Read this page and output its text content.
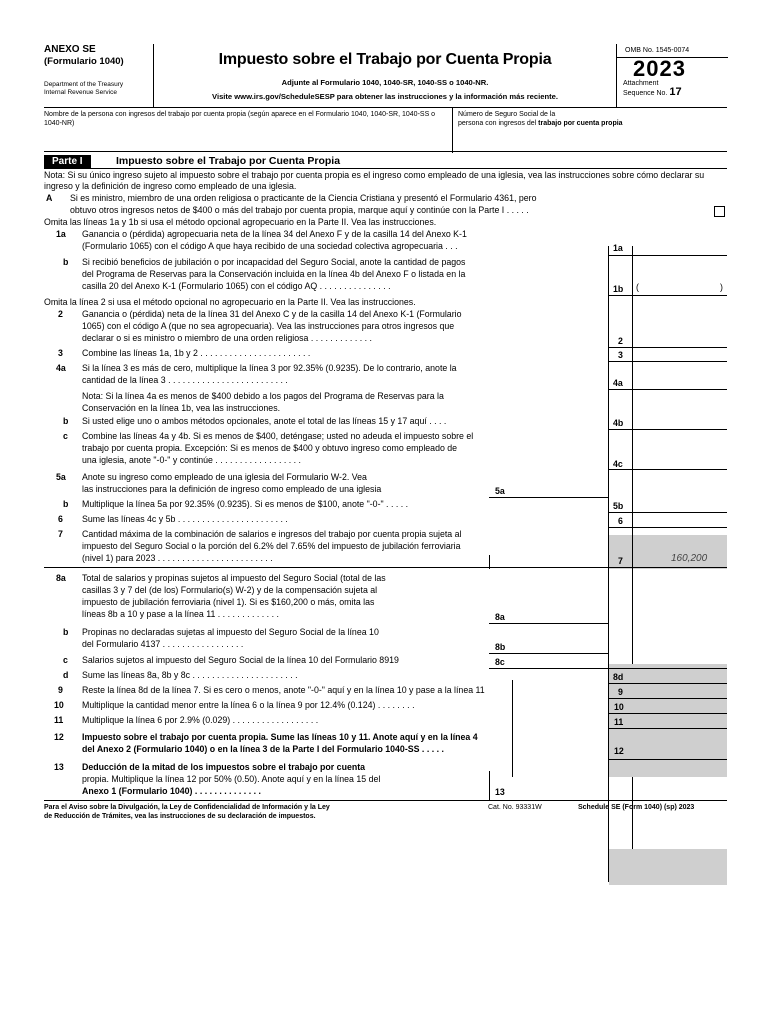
ANEXO SE
(Formulario 1040)
Department of the Treasury
Internal Revenue Service
Impuesto sobre el Trabajo por Cuenta Propia
Adjunte al Formulario 1040, 1040-SR, 1040-SS o 1040-NR.
Visite www.irs.gov/ScheduleSESP para obtener las instrucciones y la información más reciente.
OMB No. 1545-0074
2023
Attachment
Sequence No. 17
Nombre de la persona con ingresos del trabajo por cuenta propia (según aparece en el Formulario 1040, 1040-SR, 1040-SS o 1040-NR)
Número de Seguro Social de la
persona con ingresos del trabajo por cuenta propia
Parte I	Impuesto sobre el Trabajo por Cuenta Propia
Nota: Si su único ingreso sujeto al impuesto sobre el trabajo por cuenta propia es el ingreso como empleado de una iglesia, vea las instrucciones sobre cómo declarar su ingreso y la definición de ingreso como empleado de una iglesia.
A Si es ministro, miembro de una orden religiosa o practicante de la Ciencia Cristiana y presentó el Formulario 4361, pero
obtuvo otros ingresos netos de $400 o más del trabajo por cuenta propia, marque aquí y continúe con la Parte I . . . . .
Omita las líneas 1a y 1b si usa el método opcional agropecuario en la Parte II. Vea las instrucciones.
1a Ganancia o (pérdida) agropecuaria neta de la línea 34 del Anexo F y de la casilla 14 del Anexo K-1
(Formulario 1065) con el código A que haya recibido de una sociedad colectiva agropecuaria . . .	1a
b Si recibió beneficios de jubilación o por incapacidad del Seguro Social, anote la cantidad de pagos
del Programa de Reservas para la Conservación incluida en la línea 4b del Anexo F o listada en la
casilla 20 del Anexo K-1 (Formulario 1065) con el código AQ . . . . . . . . . . . . . . .	1b (	)
Omita la línea 2 si usa el método opcional no agropecuario en la Parte II. Vea las instrucciones.
2 Ganancia o (pérdida) neta de la línea 31 del Anexo C y de la casilla 14 del Anexo K-1 (Formulario
1065) con el código A (que no sea agropecuaria). Vea las instrucciones para otros ingresos que
declarar o si es ministro o miembro de una orden religiosa . . . . . . . . . . . . .	2
3 Combine las líneas 1a, 1b y 2 . . . . . . . . . . . . . . . . . . . . . . .	3
4a Si la línea 3 es más de cero, multiplique la línea 3 por 92.35% (0.9235). De lo contrario, anote la
cantidad de la línea 3 . . . . . . . . . . . . . . . . . . . . . . . . .	4a
Nota: Si la línea 4a es menos de $400 debido a los pagos del Programa de Reservas para la
Conservación en la línea 1b, vea las instrucciones.
b Si usted elige uno o ambos métodos opcionales, anote el total de las líneas 15 y 17 aquí . . . .	4b
c Combine las líneas 4a y 4b. Si es menos de $400, deténgase; usted no adeuda el impuesto sobre el
trabajo por cuenta propia. Excepción: Si es menos de $400 y obtuvo ingreso como empleado de
una iglesia, anote "-0-" y continúe . . . . . . . . . . . . . . . . . .	4c
5a Anote su ingreso como empleado de una iglesia del Formulario W-2. Vea
las instrucciones para la definición de ingreso como empleado de una iglesia	5a
b Multiplique la línea 5a por 92.35% (0.9235). Si es menos de $100, anote "-0-" . . . . .	5b
6 Sume las líneas 4c y 5b . . . . . . . . . . . . . . . . . . . . . . .	6
7 Cantidad máxima de la combinación de salarios e ingresos del trabajo por cuenta propia sujeta al
impuesto del Seguro Social o la porción del 6.2% del 7.65% del impuesto de jubilación ferroviaria
(nivel 1) para 2023 . . . . . . . . . . . . . . . . . . . . . . . .	7	160,200
8a Total de salarios y propinas sujetos al impuesto del Seguro Social (total de las
casillas 3 y 7 del (de los) Formulario(s) W-2) y de la compensación sujeta al
impuesto de jubilación ferroviaria (nivel 1). Si es $160,200 o más, omita las
líneas 8b a 10 y pase a la línea 11 . . . . . . . . . . . . .	8a
b Propinas no declaradas sujetas al impuesto del Seguro Social de la línea 10
del Formulario 4137 . . . . . . . . . . . . . . . . .	8b
c Salarios sujetos al impuesto del Seguro Social de la línea 10 del Formulario 8919	8c
d Sume las líneas 8a, 8b y 8c . . . . . . . . . . . . . . . . . . . . . .	8d
9 Reste la línea 8d de la línea 7. Si es cero o menos, anote "-0-" aquí y en la línea 10 y pase a la línea 11	9
10 Multiplique la cantidad menor entre la línea 6 o la línea 9 por 12.4% (0.124) . . . . . . . .	10
11 Multiplique la línea 6 por 2.9% (0.029) . . . . . . . . . . . . . . . . . .	11
12 Impuesto sobre el trabajo por cuenta propia. Sume las líneas 10 y 11. Anote aquí y en la línea 4
del Anexo 2 (Formulario 1040) o en la línea 3 de la Parte I del Formulario 1040-SS . . . . .	12
13 Deducción de la mitad de los impuestos sobre el trabajo por cuenta
propia. Multiplique la línea 12 por 50% (0.50). Anote aquí y en la línea 15 del
Anexo 1 (Formulario 1040) . . . . . . . . . . . . . .	13
Para el Aviso sobre la Divulgación, la Ley de Confidencialidad de Información y la Ley
de Reducción de Trámites, vea las instrucciones de su declaración de impuestos.
Cat. No. 93331W	Schedule SE (Form 1040) (sp) 2023
